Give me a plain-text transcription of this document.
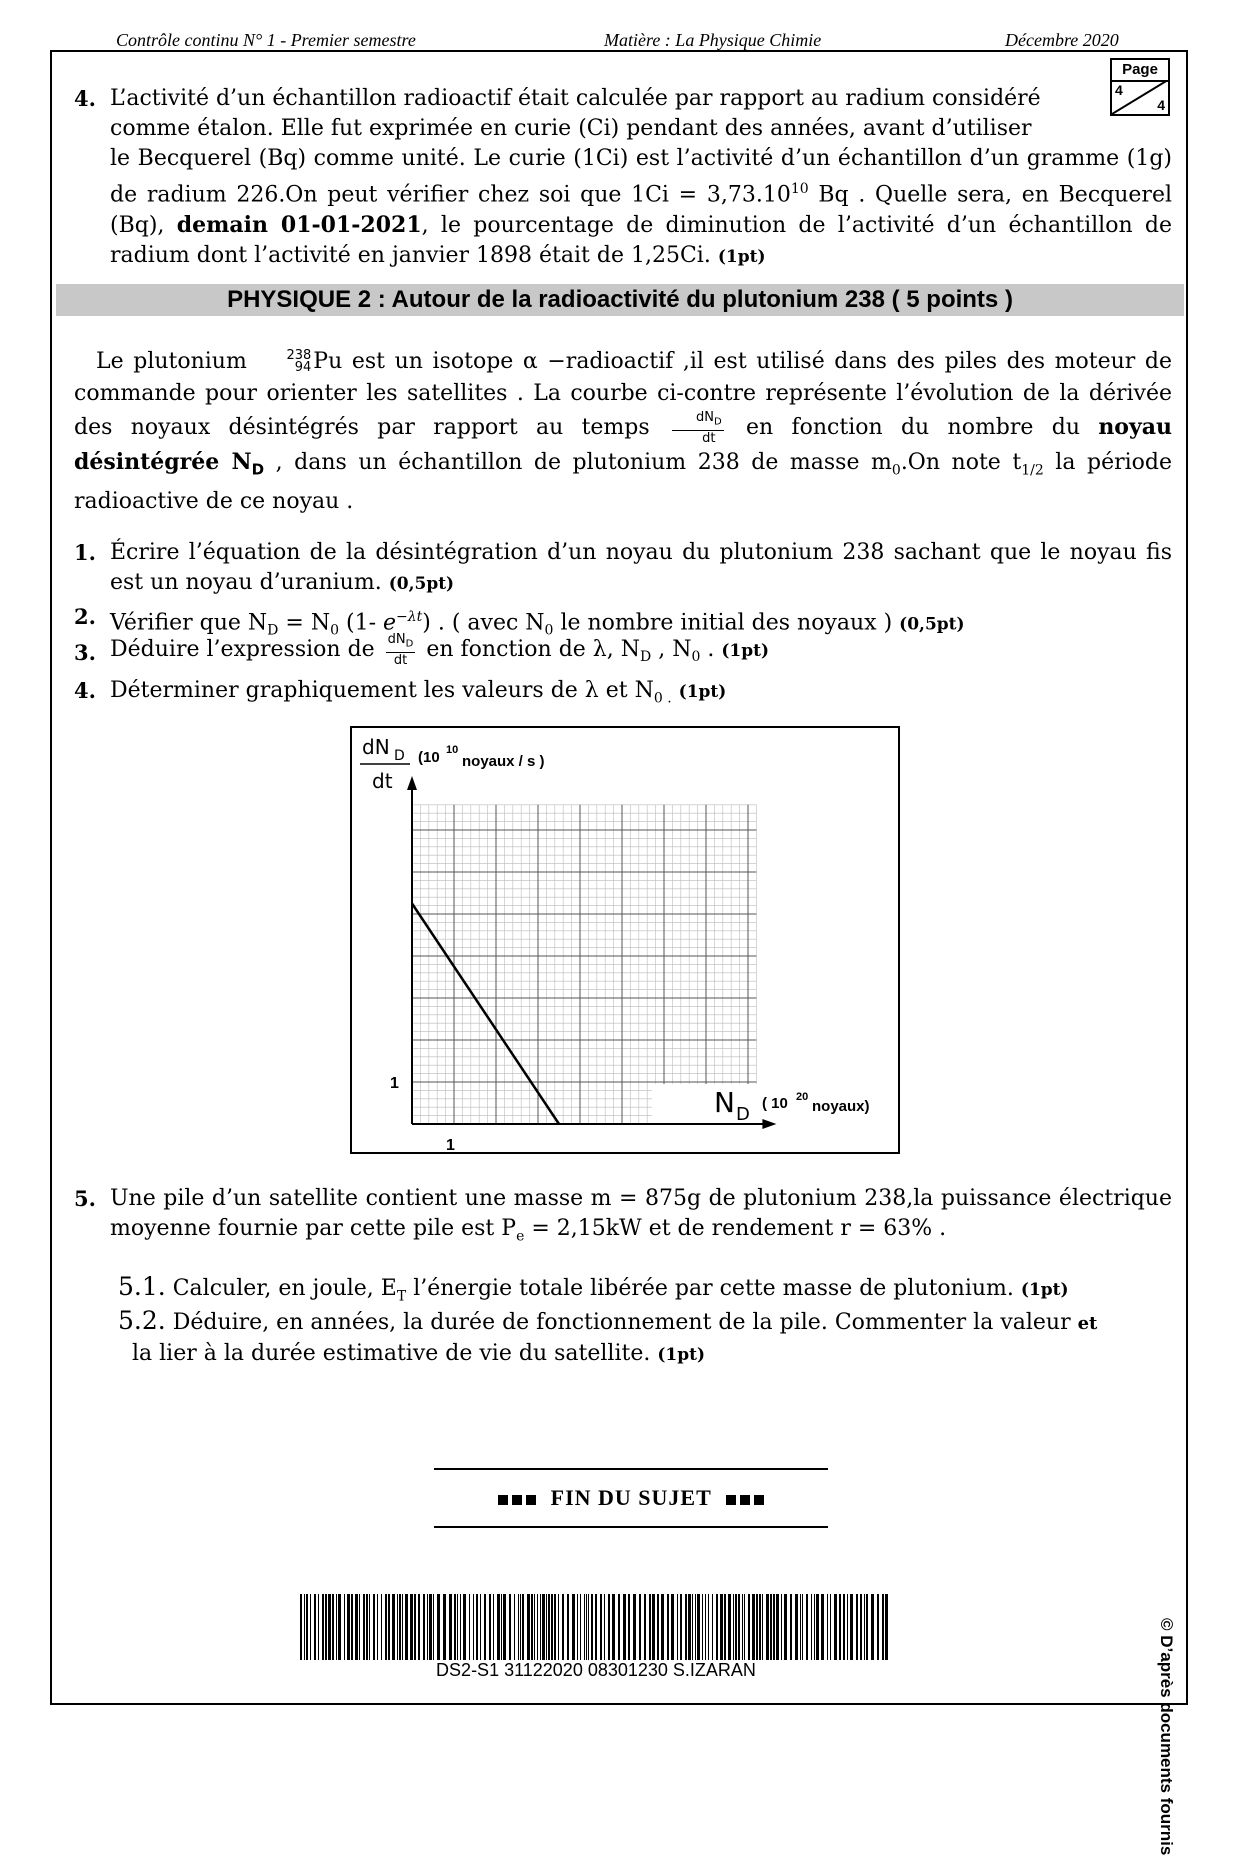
Contrôle continu N° 1 - Premier semestre	Matière : La Physique Chimie	Décembre 2020
Page
4
4
4. L’activité d’un échantillon radioactif était calculée par rapport au radium considéré
comme étalon. Elle fut exprimée en curie (Ci) pendant des années, avant d’utiliser
le Becquerel (Bq) comme unité. Le curie (1Ci) est l’activité d’un échantillon d’un gramme (1g) de radium 226.On peut vérifier chez soi que $1Ci = 3,73.10^{10}$ Bq . Quelle sera, en Becquerel (Bq), demain 01-01-2021, le pourcentage de diminution de l’activité d’un échantillon de radium dont l’activité en janvier 1898 était de 1,25Ci. (1pt)
PHYSIQUE 2 : Autour de la radioactivité du plutonium 238 ( 5 points )
Le plutonium	238
94 Pu est un isotope α −radioactif ,il est utilisé dans des piles des moteur de commande pour orienter les satellites . La courbe ci-contre représente l’évolution de la dérivée des noyaux désintégrés par rapport au temps $\frac{dN_D}{dt}$ en fonction du nombre du noyau désintégrée $N_D$ , dans un échantillon de plutonium 238 de masse $m_0.On$ note $t_{1/2}$ la période radioactive de ce noyau .
1. Écrire l’équation de la désintégration d’un noyau du plutonium 238 sachant que le noyau fis est un noyau d’uranium. (0,5pt)
2. Vérifier que $N_D = N_0$ (1- $e^{-\lambda t}$) . ( avec $N_0$ le nombre initial des noyaux ) (0,5pt)
3. Déduire l’expression de $\frac{dN_D}{dt}$ en fonction de λ, $N_D$ , $N_0$ . (1pt)
4. Déterminer graphiquement les valeurs de λ et $N_{0 .}$ (1pt)
1
1
dN D
dt
(10 10
noyaux / s )
N D
( 10 20
noyaux)
5. Une pile d’un satellite contient une masse m = 875g de plutonium 238,la puissance électrique moyenne fournie par cette pile est $P_e = 2,15kW$ et de rendement r = 63% .
5.1. Calculer, en joule, $E_T$ l’énergie totale libérée par cette masse de plutonium. (1pt)
5.2. Déduire, en années, la durée de fonctionnement de la pile. Commenter la valeur et
la lier à la durée estimative de vie du satellite. (1pt)
FIN DU SUJET
DS2-S1 31122020 08301230 S.IZARAN	© D’après documents fournis
